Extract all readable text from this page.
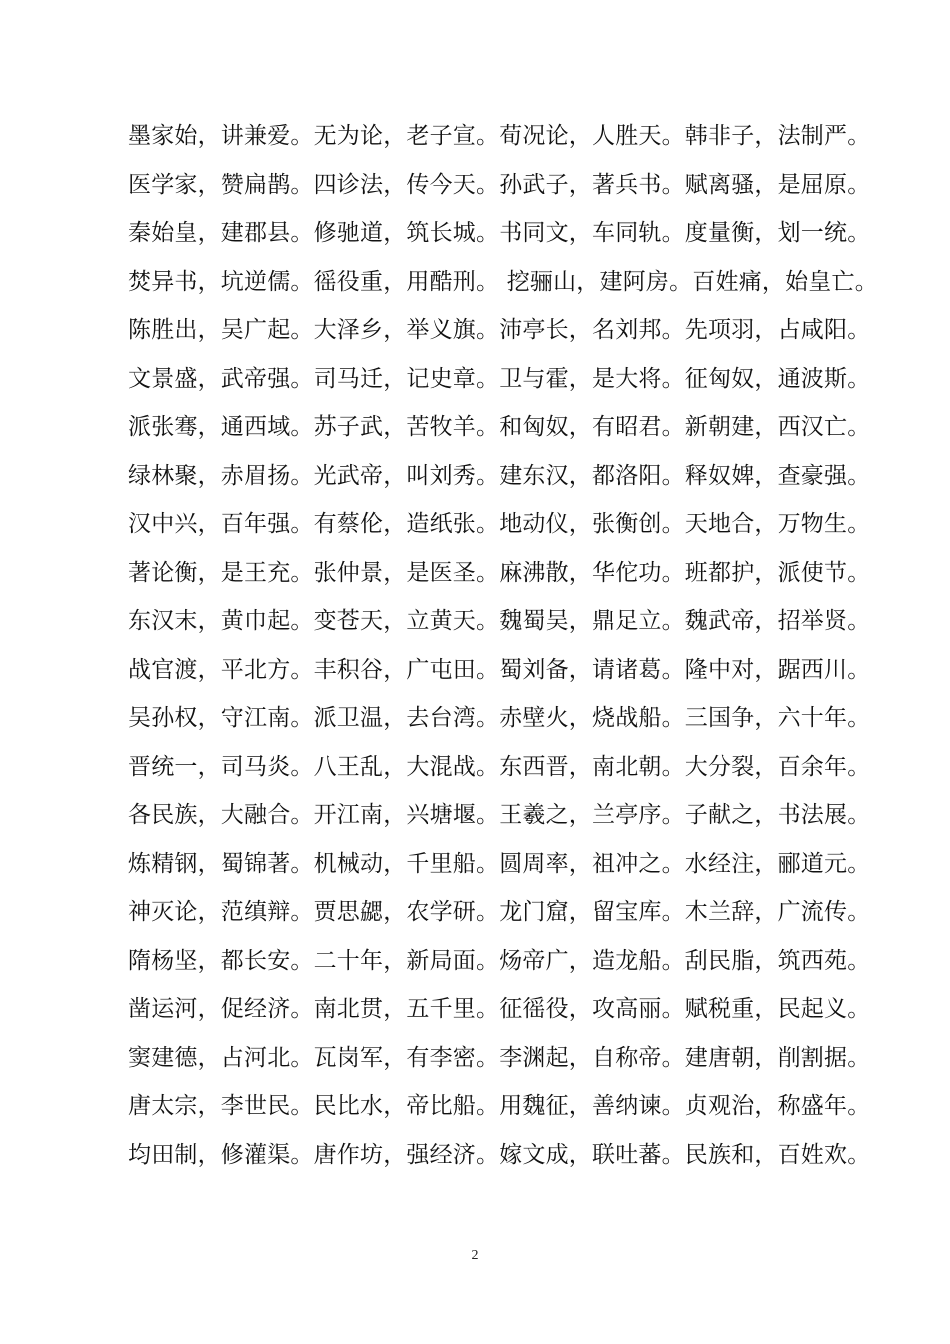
墨家始，讲兼爱。无为论，老子宣。荀况论，人胜天。韩非子，法制严。
医学家，赞扁鹊。四诊法，传今天。孙武子，著兵书。赋离骚，是屈原。
秦始皇，建郡县。修驰道，筑长城。书同文，车同轨。度量衡，划一统。
焚异书，坑逆儒。徭役重，用酷刑。 挖骊山，建阿房。百姓痛，始皇亡。
陈胜出，吴广起。大泽乡，举义旗。沛亭长，名刘邦。先项羽，占咸阳。
文景盛，武帝强。司马迁，记史章。卫与霍，是大将。征匈奴，通波斯。
派张骞，通西域。苏子武，苦牧羊。和匈奴，有昭君。新朝建，西汉亡。
绿林聚，赤眉扬。光武帝，叫刘秀。建东汉，都洛阳。释奴婢，查豪强。
汉中兴，百年强。有蔡伦，造纸张。地动仪，张衡创。天地合，万物生。
著论衡，是王充。张仲景，是医圣。麻沸散，华佗功。班都护，派使节。
东汉末，黄巾起。变苍天，立黄天。魏蜀吴，鼎足立。魏武帝，招举贤。
战官渡，平北方。丰积谷，广屯田。蜀刘备，请诸葛。隆中对，踞西川。
吴孙权，守江南。派卫温，去台湾。赤壁火，烧战船。三国争，六十年。
晋统一，司马炎。八王乱，大混战。东西晋，南北朝。大分裂，百余年。
各民族，大融合。开江南，兴塘堰。王羲之，兰亭序。子献之，书法展。
炼精钢，蜀锦著。机械动，千里船。圆周率，祖冲之。水经注，郦道元。
神灭论，范缜辩。贾思勰，农学研。龙门窟，留宝库。木兰辞，广流传。
隋杨坚，都长安。二十年，新局面。炀帝广，造龙船。刮民脂，筑西苑。
凿运河，促经济。南北贯，五千里。征徭役，攻高丽。赋税重，民起义。
窦建德，占河北。瓦岗军，有李密。李渊起，自称帝。建唐朝，削割据。
唐太宗，李世民。民比水，帝比船。用魏征，善纳谏。贞观治，称盛年。
均田制，修灌渠。唐作坊，强经济。嫁文成，联吐蕃。民族和，百姓欢。
2
